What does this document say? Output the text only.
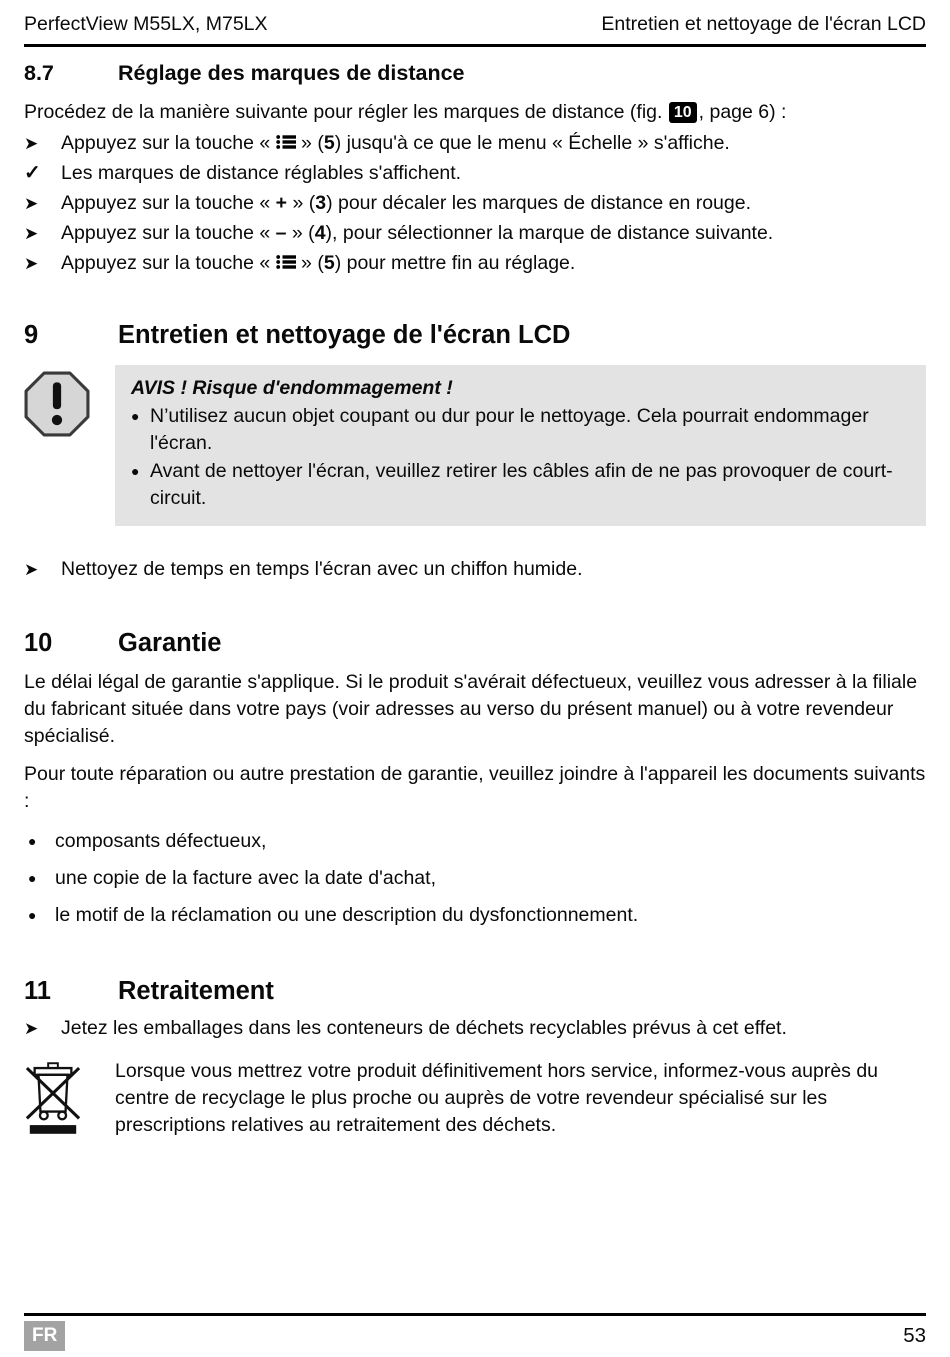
PerfectView M55LX, M75LX	Entretien et nettoyage de l'écran LCD
8.7	Réglage des marques de distance

Procédez de la manière suivante pour régler les marques de distance (fig. 10 , page 6) :

➤	Appuyez sur la touche «  » (5) jusqu'à ce que le menu « Échelle » s'affiche.
✓	Les marques de distance réglables s'affichent.
➤	Appuyez sur la touche « + » (3) pour décaler les marques de distance en rouge.
➤	Appuyez sur la touche « – » (4), pour sélectionner la marque de distance suivante.
➤	Appuyez sur la touche «  » (5) pour mettre fin au réglage.
9	Entretien et nettoyage de l'écran LCD

AVIS ! Risque d'endommagement !

● N’utilisez aucun objet coupant ou dur pour le nettoyage. Cela pourrait endommager l'écran.
● Avant de nettoyer l'écran, veuillez retirer les câbles afin de ne pas provoquer de court-circuit.
➤	Nettoyez de temps en temps l'écran avec un chiffon humide.
10	Garantie

Le délai légal de garantie s'applique. Si le produit s'avérait défectueux, veuillez vous adresser à la filiale du fabricant située dans votre pays (voir adresses au verso du présent manuel) ou à votre revendeur spécialisé.

Pour toute réparation ou autre prestation de garantie, veuillez joindre à l'appareil les documents suivants :

● composants défectueux,
● une copie de la facture avec la date d'achat,
● le motif de la réclamation ou une description du dysfonctionnement.
11	Retraitement
➤	Jetez les emballages dans les conteneurs de déchets recyclables prévus à cet effet.

Lorsque vous mettrez votre produit définitivement hors service, informez-vous auprès du centre de recyclage le plus proche ou auprès de votre revendeur spécialisé sur les prescriptions relatives au retraitement des déchets.

FR	53
